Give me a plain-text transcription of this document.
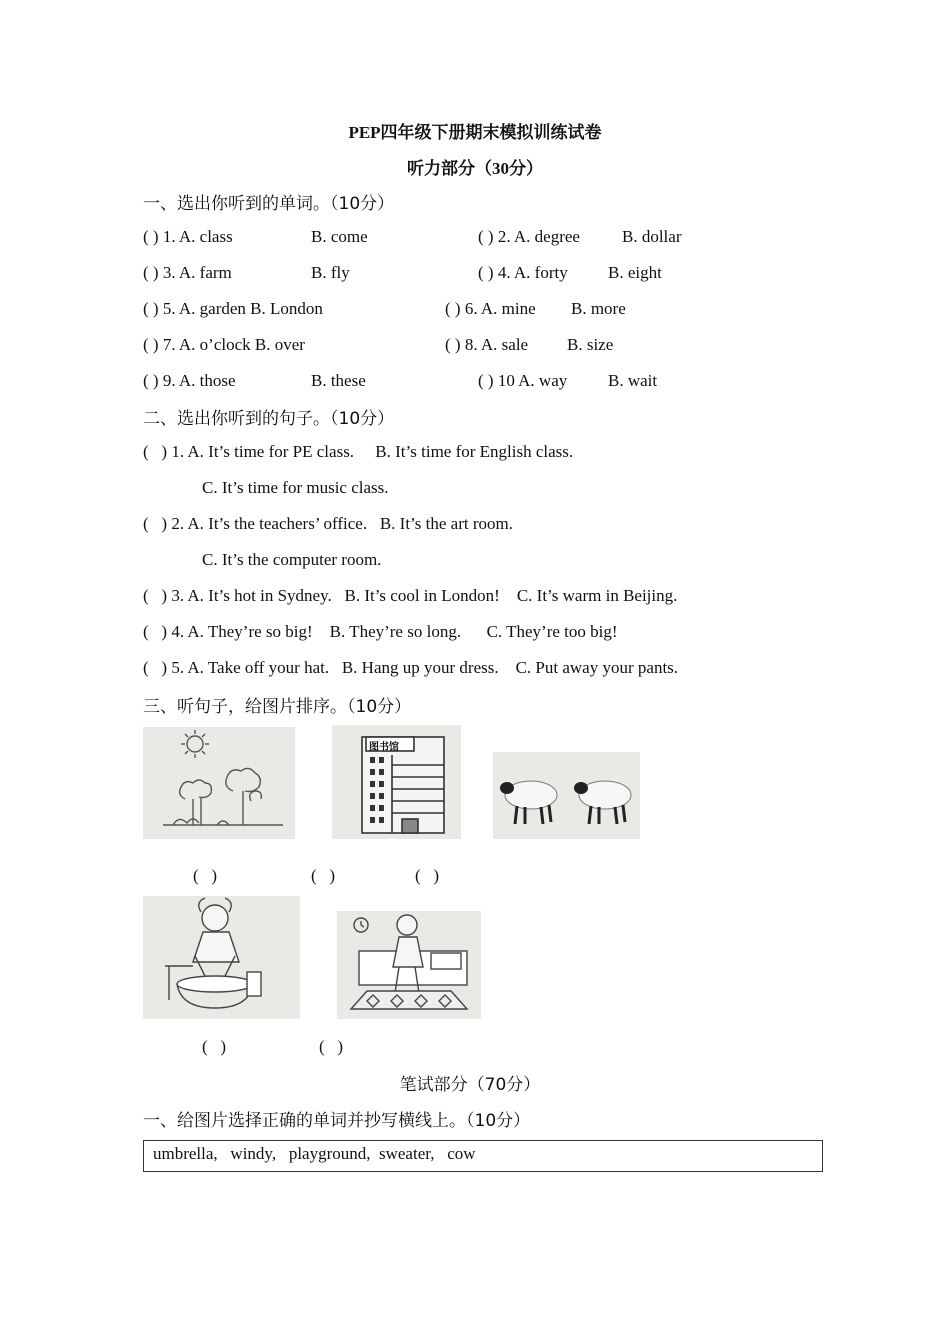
PEP四年级下册期末模拟训练试卷
听力部分（30分）
一、选出你听到的单词。（10分）
( ) 1. A. class	B. come	( ) 2. A. degree B. dollar
( ) 3. A. farm	B. fly	( ) 4. A. forty B. eight
( ) 5. A. garden B. London	( ) 6. A. mine B. more
( ) 7. A. o’clock B. over	( ) 8. A. sale B. size
( ) 9. A. those	B. these	( ) 10 A. way B. wait
二、选出你听到的句子。（10分）
(   ) 1. A. It’s time for PE class.     B. It’s time for English class.
C. It’s time for music class.
(   ) 2. A. It’s the teachers’ office.   B. It’s the art room.
C. It’s the computer room.
(   ) 3. A. It’s hot in Sydney.   B. It’s cool in London!    C. It’s warm in Beijing.
(   ) 4. A. They’re so big!    B. They’re so long.      C. They’re too big!
(   ) 5. A. Take off your hat.   B. Hang up your dress.    C. Put away your pants.
三、听句子，给图片排序。（10分）
图书馆
(   )	(   )	(   )
(   )	(   )
笔试部分（70分）
一、给图片选择正确的单词并抄写横线上。（10分）
umbrella,   windy,   playground,  sweater,   cow
